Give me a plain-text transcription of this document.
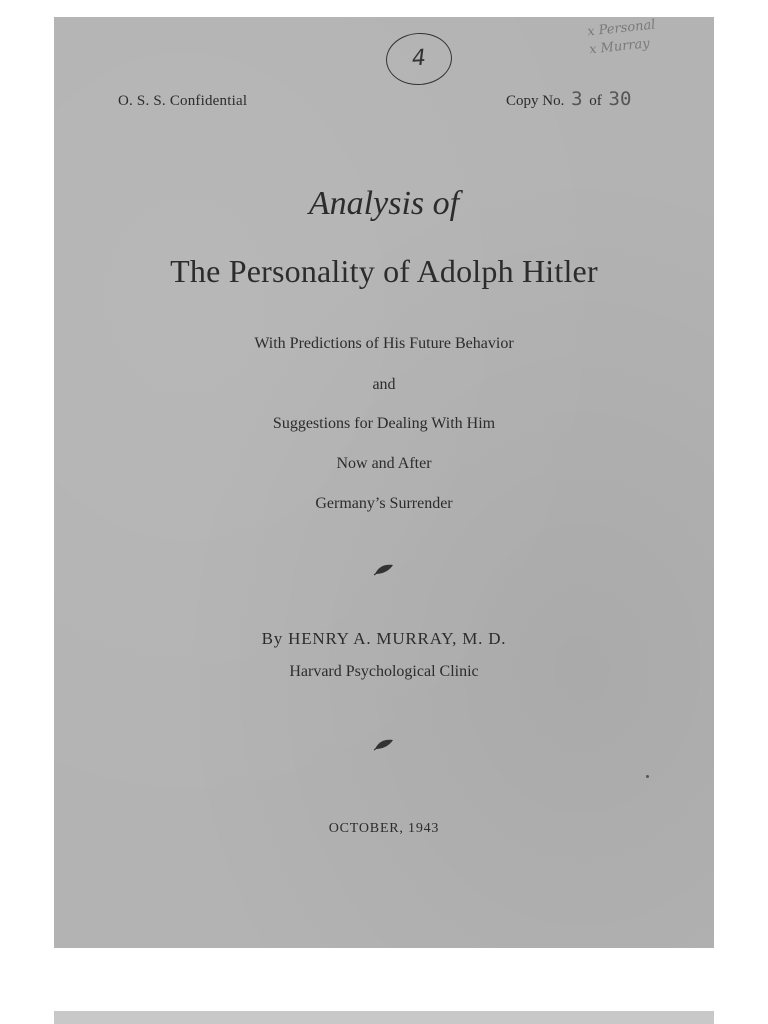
O. S. S. Confidential	Copy No. 3 of 30
4
x Personal
x Murray
Analysis of
The Personality of Adolph Hitler
With Predictions of His Future Behavior
and
Suggestions for Dealing With Him
Now and After
Germany’s Surrender
By HENRY A. MURRAY, M. D.
Harvard Psychological Clinic
OCTOBER, 1943
